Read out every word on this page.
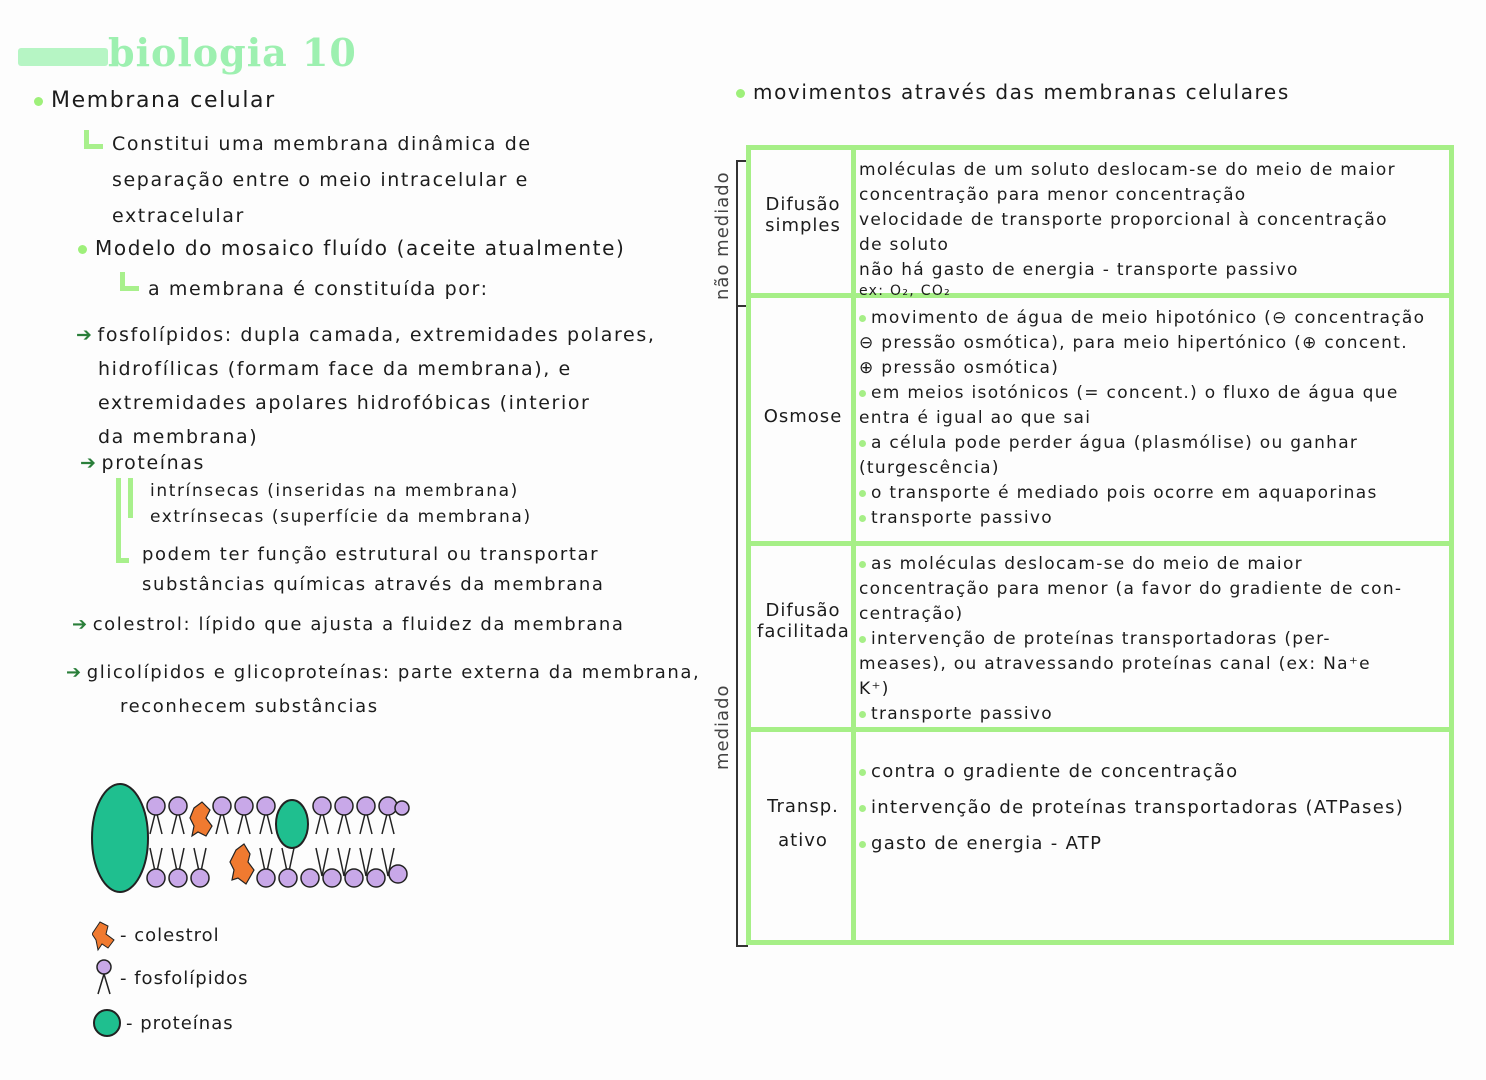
biologia 10
Membrana celular
Constitui uma membrana dinâmica de
separação entre o meio intracelular e
extracelular
Modelo do mosaico fluído (aceite atualmente)
a membrana é constituída por:
➔ fosfolípidos: dupla camada, extremidades polares,
hidrofílicas (formam face da membrana), e
extremidades apolares hidrofóbicas (interior
da membrana)
➔ proteínas
intrínsecas (inseridas na membrana)
extrínsecas (superfície da membrana)
podem ter função estrutural ou transportar
substâncias químicas através da membrana
➔ colestrol: lípido que ajusta a fluidez da membrana
➔ glicolípidos e glicoproteínas: parte externa da membrana,
reconhecem substâncias
- colestrol
- fosfolípidos
- proteínas
movimentos através das membranas celulares
não mediado
mediado
Difusão
simples
moléculas de um soluto deslocam-se do meio de maior
concentração para menor concentração
velocidade de transporte proporcional à concentração
de soluto
não há gasto de energia - transporte passivo
ex: O₂, CO₂
Osmose
movimento de água de meio hipotónico (⊖ concentração
⊖ pressão osmótica), para meio hipertónico (⊕ concent.
⊕ pressão osmótica)
em meios isotónicos (= concent.) o fluxo de água que
entra é igual ao que sai
a célula pode perder água (plasmólise) ou ganhar
(turgescência)
o transporte é mediado pois ocorre em aquaporinas
transporte passivo
Difusão
facilitada
as moléculas deslocam-se do meio de maior
concentração para menor (a favor do gradiente de con-
centração)
intervenção de proteínas transportadoras (per-
meases), ou atravessando proteínas canal (ex: Na⁺e
K⁺)
transporte passivo
Transp.
ativo
contra o gradiente de concentração
intervenção de proteínas transportadoras (ATPases)
gasto de energia - ATP
